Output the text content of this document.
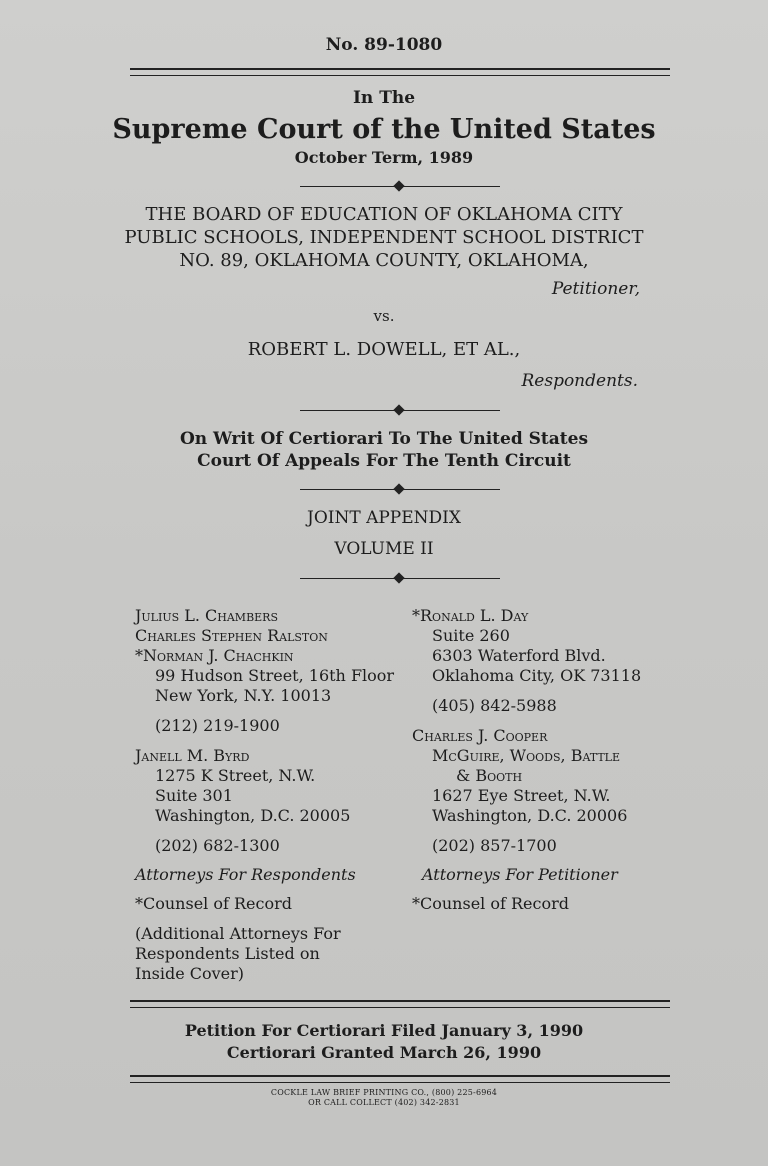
No. 89-1080
In The
Supreme Court of the United States
October Term, 1989
THE BOARD OF EDUCATION OF OKLAHOMA CITY
PUBLIC SCHOOLS, INDEPENDENT SCHOOL DISTRICT
NO. 89, OKLAHOMA COUNTY, OKLAHOMA,
Petitioner,
vs.
ROBERT L. DOWELL, ET AL.,
Respondents.
On Writ Of Certiorari To The United States
Court Of Appeals For The Tenth Circuit
JOINT APPENDIX
VOLUME II
Julius L. Chambers
Charles Stephen Ralston
*Norman J. Chachkin
99 Hudson Street, 16th Floor
New York, N.Y. 10013
(212) 219-1900
Janell M. Byrd
1275 K Street, N.W.
Suite 301
Washington, D.C. 20005
(202) 682-1300
Attorneys For Respondents
*Counsel of Record
(Additional Attorneys For
Respondents Listed on
Inside Cover)
*Ronald L. Day
Suite 260
6303 Waterford Blvd.
Oklahoma City, OK 73118
(405) 842-5988
Charles J. Cooper
McGuire, Woods, Battle
& Booth
1627 Eye Street, N.W.
Washington, D.C. 20006
(202) 857-1700
Attorneys For Petitioner
*Counsel of Record
Petition For Certiorari Filed January 3, 1990
Certiorari Granted March 26, 1990
COCKLE LAW BRIEF PRINTING CO., (800) 225-6964
OR CALL COLLECT (402) 342-2831
